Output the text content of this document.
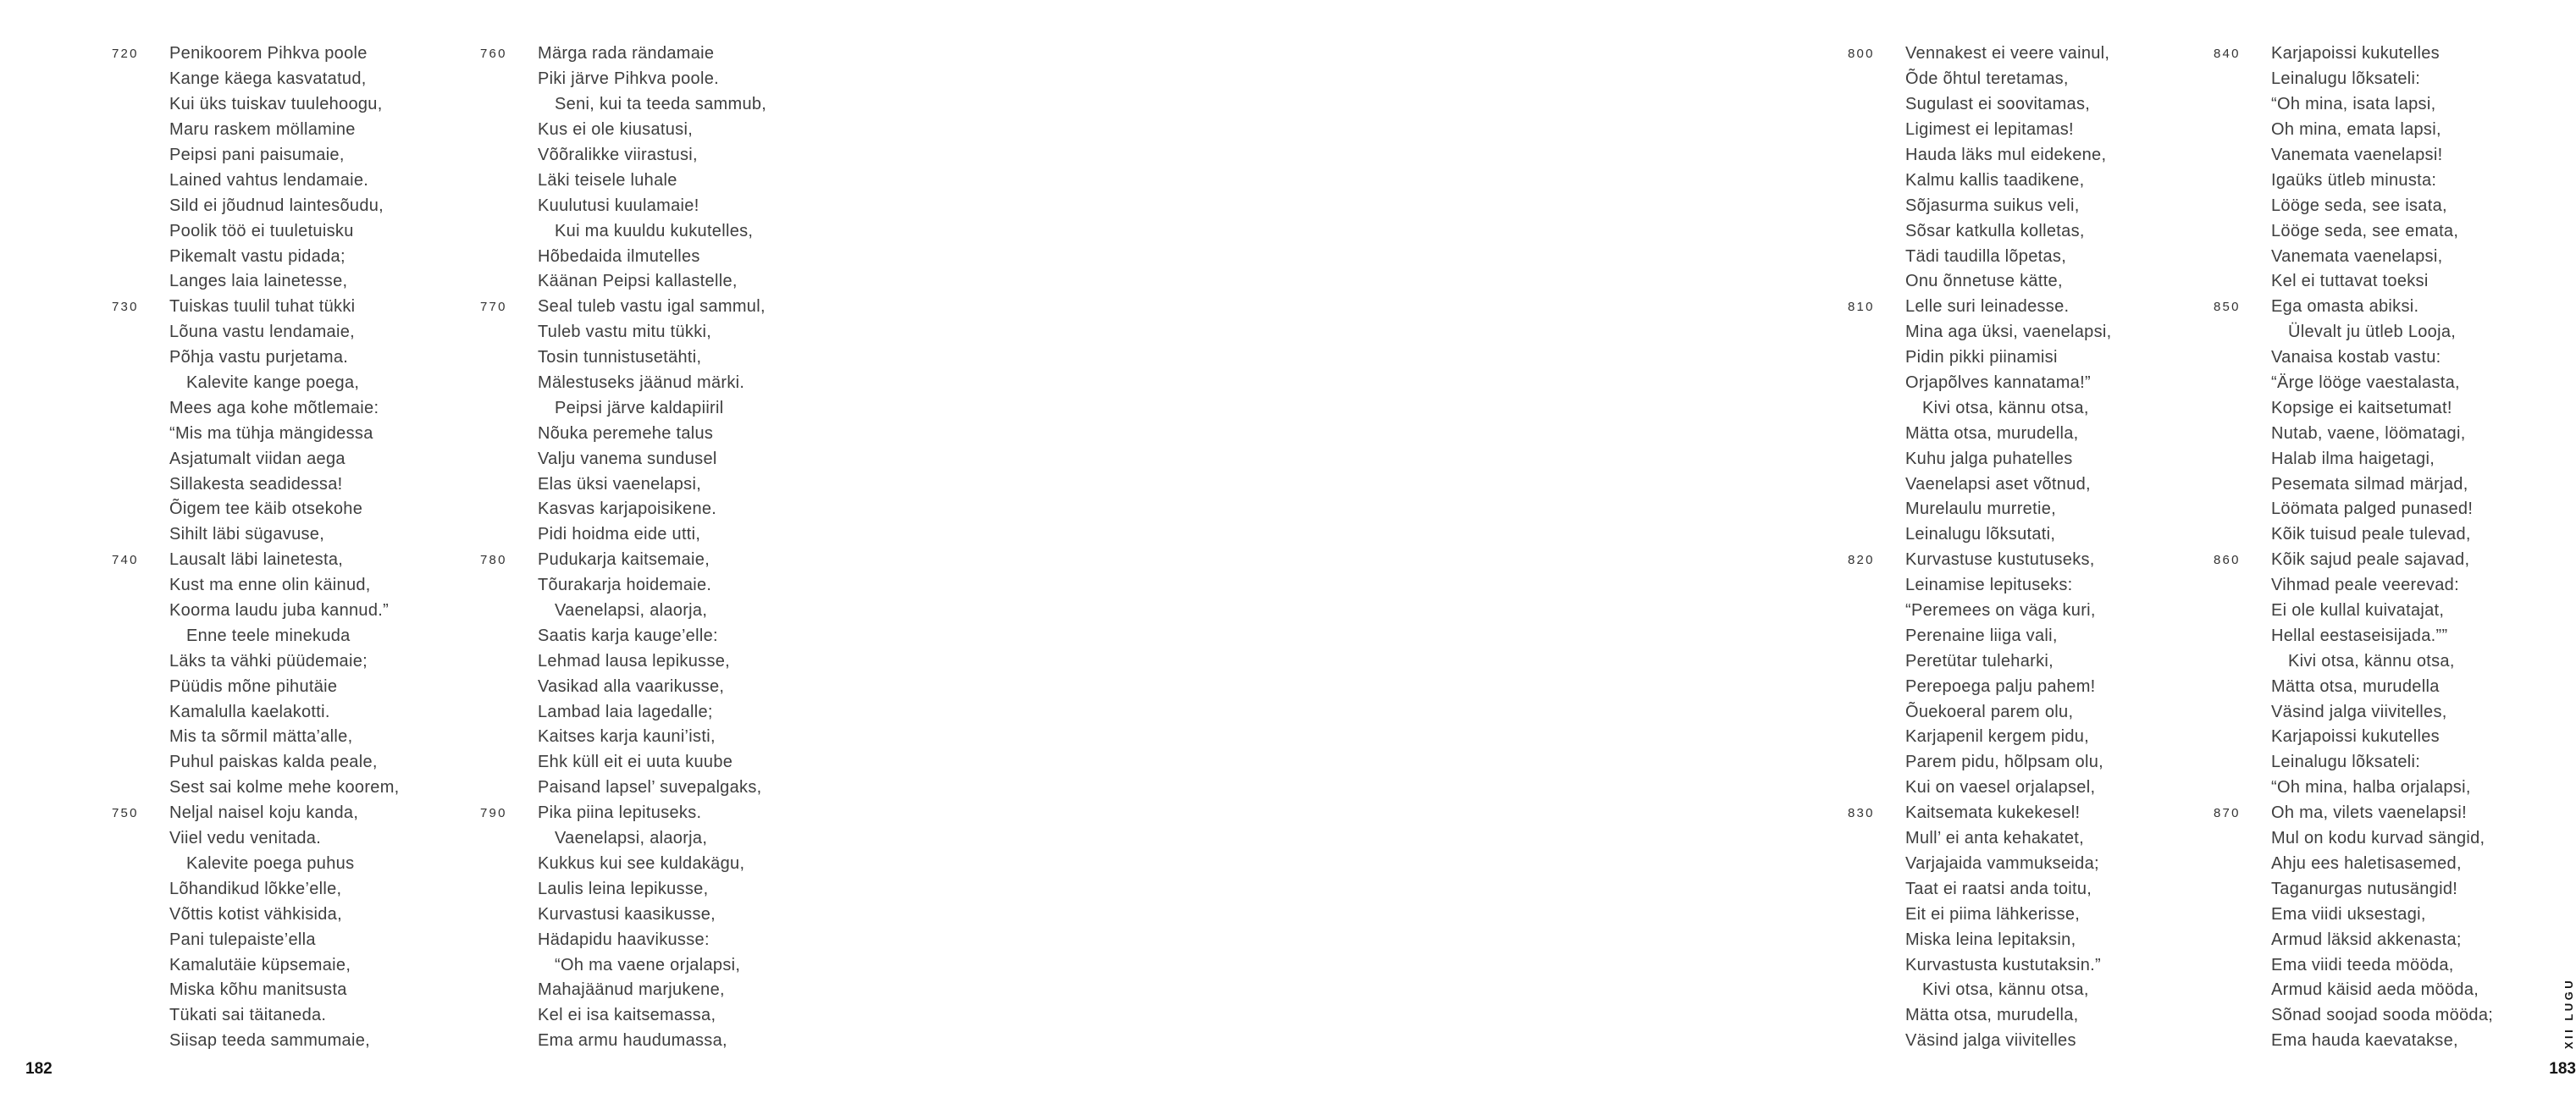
720	Penikoorem Pihkva poole
Kange käega kasvatatud,
Kui üks tuiskav tuulehoogu,
Maru raskem möllamine
Peipsi pani paisumaie,
Lained vahtus lendamaie.
Sild ei jõudnud laintesõudu,
Poolik töö ei tuuletuisku
Pikemalt vastu pidada;
Langes laia lainetesse,
730	Tuiskas tuulil tuhat tükki
Lõuna vastu lendamaie,
Põhja vastu purjetama.
Kalevite kange poega,
Mees aga kohe mõtlemaie:
“Mis ma tühja mängidessa
Asjatumalt viidan aega
Sillakesta seadidessa!
Õigem tee käib otsekohe
Sihilt läbi sügavuse,
740	Lausalt läbi lainetesta,
Kust ma enne olin käinud,
Koorma laudu juba kannud.”
Enne teele minekuda
Läks ta vähki püüdemaie;
Püüdis mõne pihutäie
Kamalulla kaelakotti.
Mis ta sõrmil mätta’alle,
Puhul paiskas kalda peale,
Sest sai kolme mehe koorem,
750	Neljal naisel koju kanda,
Viiel vedu venitada.
Kalevite poega puhus
Lõhandikud lõkke’elle,
Võttis kotist vähkisida,
Pani tulepaiste’ella
Kamalutäie küpsemaie,
Miska kõhu manitsusta
Tükati sai täitaneda.
Siisap teeda sammumaie,
760	Märga rada rändamaie
Piki järve Pihkva poole.
Seni, kui ta teeda sammub,
Kus ei ole kiusatusi,
Võõralikke viirastusi,
Läki teisele luhale
Kuulutusi kuulamaie!
Kui ma kuuldu kukutelles,
Hõbedaida ilmutelles
Käänan Peipsi kallastelle,
770	Seal tuleb vastu igal sammul,
Tuleb vastu mitu tükki,
Tosin tunnistusetähti,
Mälestuseks jäänud märki.
Peipsi järve kaldapiiril
Nõuka peremehe talus
Valju vanema sundusel
Elas üksi vaenelapsi,
Kasvas karjapoisikene.
Pidi hoidma eide utti,
780	Pudukarja kaitsemaie,
Tõurakarja hoidemaie.
Vaenelapsi, alaorja,
Saatis karja kauge’elle:
Lehmad lausa lepikusse,
Vasikad alla vaarikusse,
Lambad laia lagedalle;
Kaitses karja kauni’isti,
Ehk küll eit ei uuta kuube
Paisand lapsel’ suvepalgaks,
790	Pika piina lepituseks.
Vaenelapsi, alaorja,
Kukkus kui see kuldakägu,
Laulis leina lepikusse,
Kurvastusi kaasikusse,
Hädapidu haavikusse:
“Oh ma vaene orjalapsi,
Mahajäänud marjukene,
Kel ei isa kaitsemassa,
Ema armu haudumassa,
182
800	Vennakest ei veere vainul,
Õde õhtul teretamas,
Sugulast ei soovitamas,
Ligimest ei lepitamas!
Hauda läks mul eidekene,
Kalmu kallis taadikene,
Sõjasurma suikus veli,
Sõsar katkulla kolletas,
Tädi taudilla lõpetas,
Onu õnnetuse kätte,
810	Lelle suri leinadesse.
Mina aga üksi, vaenelapsi,
Pidin pikki piinamisi
Orjapõlves kannatama!”
Kivi otsa, kännu otsa,
Mätta otsa, murudella,
Kuhu jalga puhatelles
Vaenelapsi aset võtnud,
Murelaulu murretie,
Leinalugu lõksutati,
820	Kurvastuse kustutuseks,
Leinamise lepituseks:
“Peremees on väga kuri,
Perenaine liiga vali,
Peretütar tuleharki,
Perepoega palju pahem!
Õuekoeral parem olu,
Karjapenil kergem pidu,
Parem pidu, hõlpsam olu,
Kui on vaesel orjalapsel,
830	Kaitsemata kukekesel!
Mull’ ei anta kehakatet,
Varjajaida vammukseida;
Taat ei raatsi anda toitu,
Eit ei piima lähkerisse,
Miska leina lepitaksin,
Kurvastusta kustutaksin.”
Kivi otsa, kännu otsa,
Mätta otsa, murudella,
Väsind jalga viivitelles
840	Karjapoissi kukutelles
Leinalugu lõksateli:
“Oh mina, isata lapsi,
Oh mina, emata lapsi,
Vanemata vaenelapsi!
Igaüks ütleb minusta:
Lööge seda, see isata,
Lööge seda, see emata,
Vanemata vaenelapsi,
Kel ei tuttavat toeksi
850	Ega omasta abiksi.
Ülevalt ju ütleb Looja,
Vanaisa kostab vastu:
“Ärge lööge vaestalasta,
Kopsige ei kaitsetumat!
Nutab, vaene, löömatagi,
Halab ilma haigetagi,
Pesemata silmad märjad,
Löömata palged punased!
Kõik tuisud peale tulevad,
860	Kõik sajud peale sajavad,
Vihmad peale veerevad:
Ei ole kullal kuivatajat,
Hellal eestaseisijada.””
Kivi otsa, kännu otsa,
Mätta otsa, murudella
Väsind jalga viivitelles,
Karjapoissi kukutelles
Leinalugu lõksateli:
“Oh mina, halba orjalapsi,
870	Oh ma, vilets vaenelapsi!
Mul on kodu kurvad sängid,
Ahju ees haletisasemed,
Taganurgas nutusängid!
Ema viidi uksestagi,
Armud läksid akkenasta;
Ema viidi teeda mööda,
Armud käisid aeda mööda,
Sõnad soojad sooda mööda;
Ema hauda kaevatakse,	XII LUGU
183
